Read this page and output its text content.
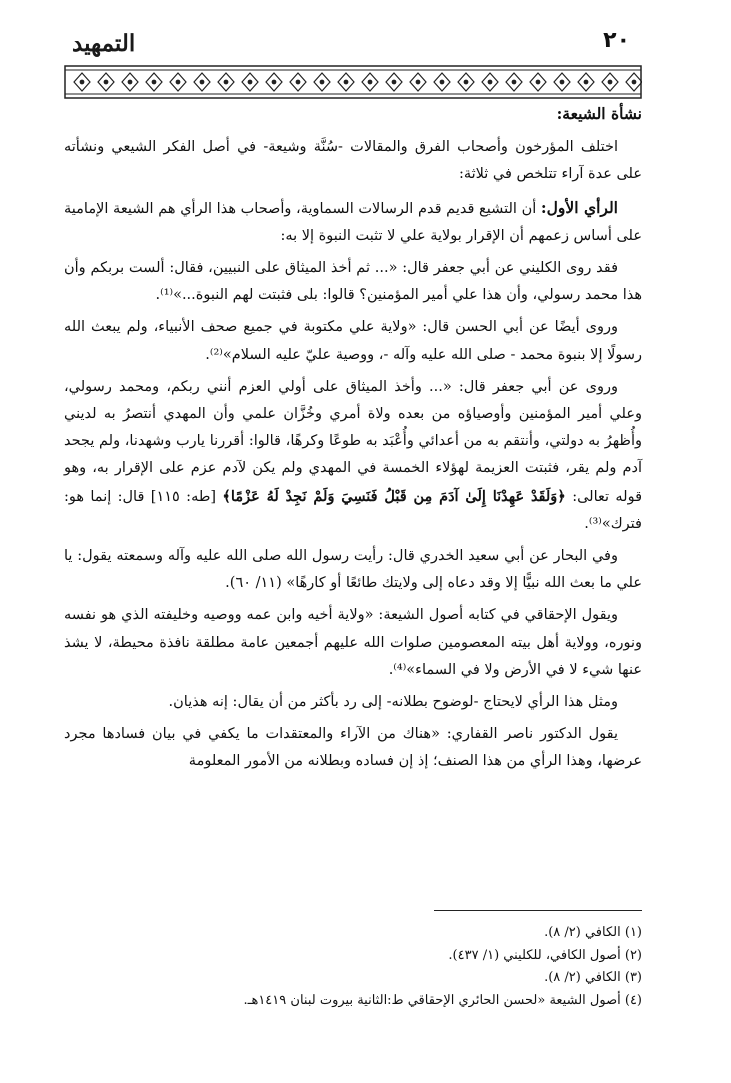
التمهيد	٢٠
نشأة الشيعة:

اختلف المؤرخون وأصحاب الفرق والمقالات -سُنَّة وشيعة- في أصل الفكر الشيعي ونشأته على عدة آراء تتلخص في ثلاثة:

الرأي الأول: أن التشيع قديم قدم الرسالات السماوية، وأصحاب هذا الرأي هم الشيعة الإمامية على أساس زعمهم أن الإقرار بولاية علي لا تثبت النبوة إلا به:

فقد روى الكليني عن أبي جعفر قال: «... ثم أخذ الميثاق على النبيين، فقال: ألست بربكم وأن هذا محمد رسولي، وأن هذا علي أمير المؤمنين؟ قالوا: بلى فثبتت لهم النبوة...»⁽¹⁾.

وروى أيضًا عن أبي الحسن قال: «ولاية علي مكتوبة في جميع صحف الأنبياء، ولم يبعث الله رسولًا إلا بنبوة محمد - صلى الله عليه وآله -، ووصية عليّ عليه السلام»⁽²⁾.

وروى عن أبي جعفر قال: «... وأخذ الميثاق على أولي العزم أنني ربكم، ومحمد رسولي، وعلي أمير المؤمنين وأوصياؤه من بعده ولاة أمري وخُزَّان علمي وأن المهدي أنتصرُ به لديني وأُظهرُ به دولتي، وأنتقم به من أعدائي وأُعْبَد به طوعًا وكرهًا، قالوا: أقررنا يارب وشهدنا، ولم يجحد آدم ولم يقر، فثبتت العزيمة لهؤلاء الخمسة في المهدي ولم يكن لآدم عزم على الإقرار به، وهو قوله تعالى: ﴿وَلَقَدْ عَهِدْنَا إِلَىٰ آدَمَ مِن قَبْلُ فَنَسِيَ وَلَمْ نَجِدْ لَهُ عَزْمًا﴾ [طه: ١١٥] قال: إنما هو: فترك»⁽³⁾.

وفي البحار عن أبي سعيد الخدري قال: رأيت رسول الله صلى الله عليه وآله وسمعته يقول: يا علي ما بعث الله نبيًّا إلا وقد دعاه إلى ولايتك طائعًا أو كارهًا» (١١/ ٦٠).

ويقول الإحقاقي في كتابه أصول الشيعة: «ولاية أخيه وابن عمه ووصيه وخليفته الذي هو نفسه ونوره، وولاية أهل بيته المعصومين صلوات الله عليهم أجمعين عامة مطلقة نافذة محيطة، لا يشذ عنها شيء لا في الأرض ولا في السماء»⁽⁴⁾.

ومثل هذا الرأي لايحتاج -لوضوح بطلانه- إلى رد بأكثر من أن يقال: إنه هذيان.

يقول الدكتور ناصر القفاري: «هناك من الآراء والمعتقدات ما يكفي في بيان فسادها مجرد عرضها، وهذا الرأي من هذا الصنف؛ إذ إن فساده وبطلانه من الأمور المعلومة

(١) الكافي (٢/ ٨).
(٢) أصول الكافي، للكليني (١/ ٤٣٧).
(٣) الكافي (٢/ ٨).
(٤) أصول الشيعة «لحسن الحائري الإحقاقي ط:الثانية بيروت لبنان ١٤١٩هـ.
